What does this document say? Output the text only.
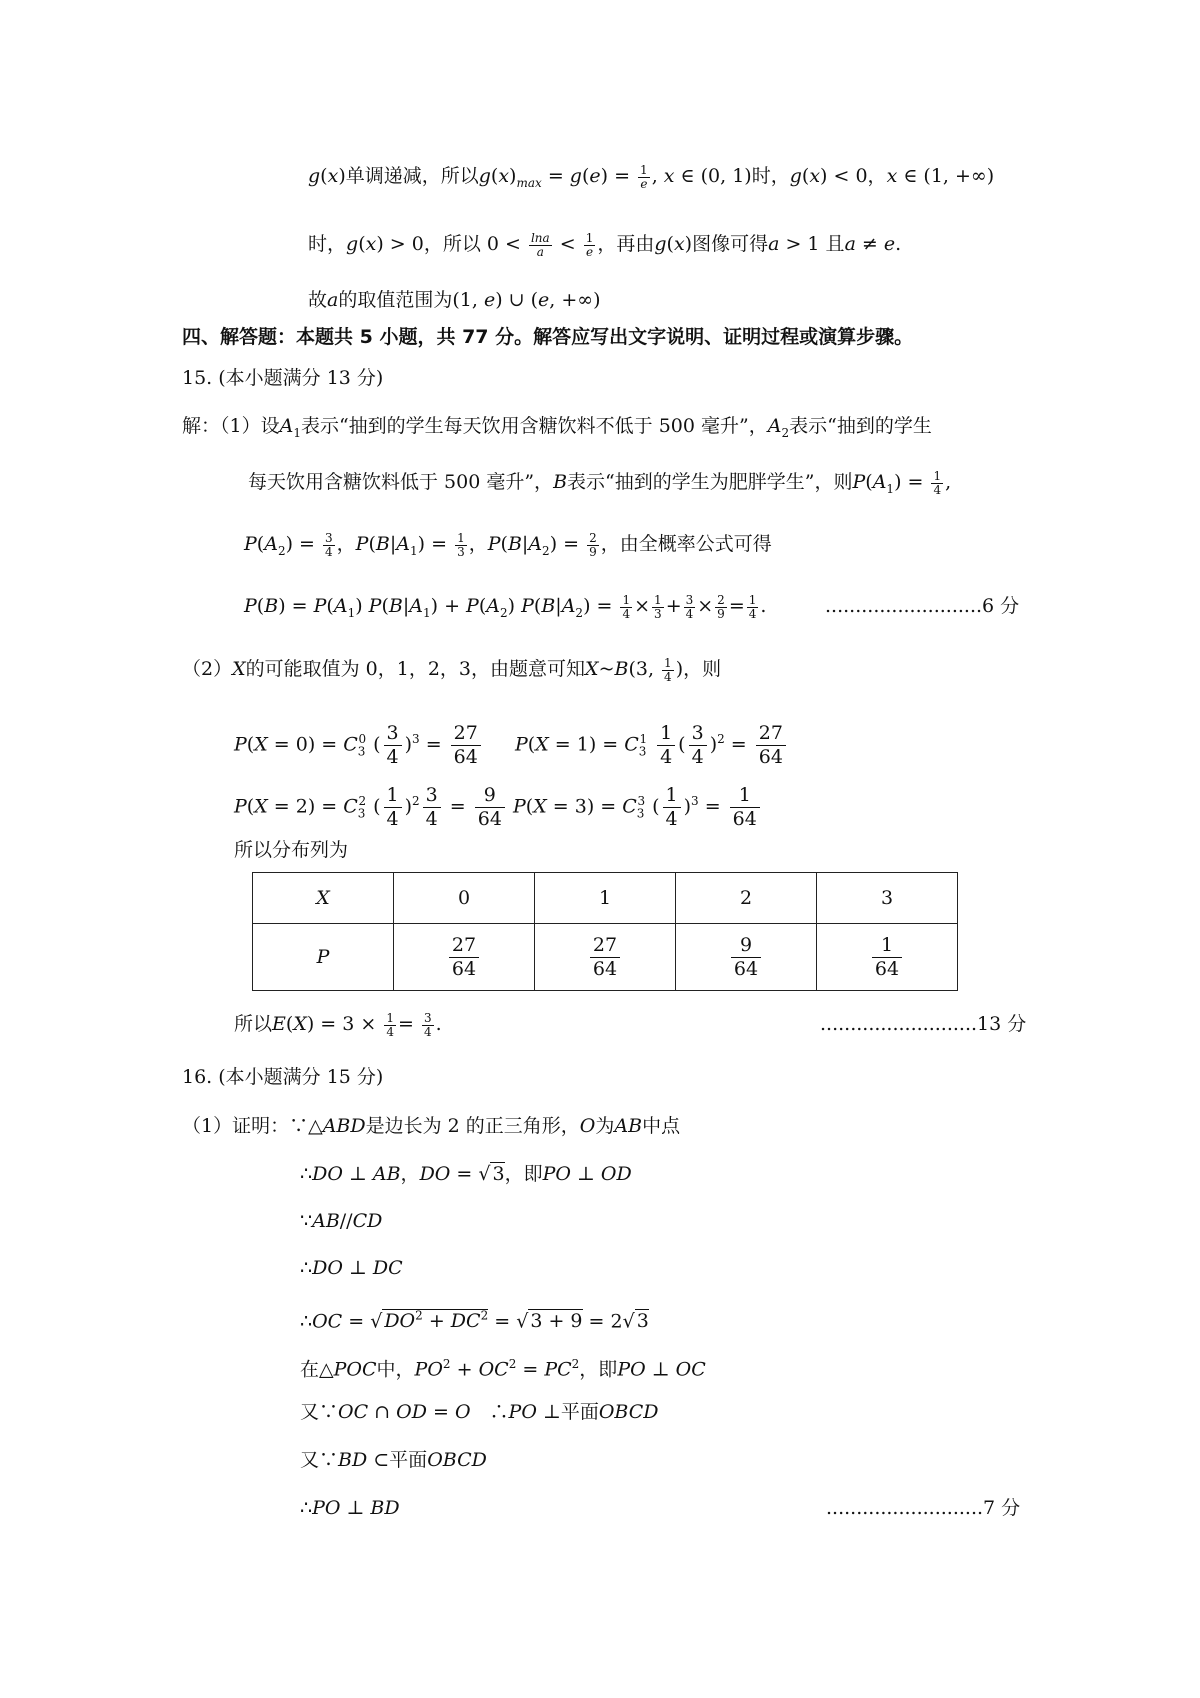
g(x)单调递减，所以$g(x)_{max} = g(e) = \frac{1}{e}$ , x ∈ (0, 1)时，g(x) < 0，x ∈ (1, +∞)
时，g(x) > 0，所以 $0 < \frac{\ln a}{a} < \frac{1}{e}$ ，再由g(x)图像可得a > 1 且a ≠ e.
故a的取值范围为(1, e) ∪ (e, +∞)
四、解答题：本题共 5 小题，共 77 分。解答应写出文字说明、证明过程或演算步骤。
15. (本小题满分 13 分)
解：（1）设$A_1$表示“抽到的学生每天饮用含糖饮料不低于 500 毫升”，$A_2$表示“抽到的学生
每天饮用含糖饮料低于 500 毫升”，B表示“抽到的学生为肥胖学生”，则$P(A_1) = \frac{1}{4}$ ,
$P(A_2) = \frac{3}{4}$ ，$P(B|A_1) = \frac{1}{3}$ ，$P(B|A_2) = \frac{2}{9}$ ，由全概率公式可得
$P(B) = P(A_1) P(B|A_1) + P(A_2) P(B|A_2) = \frac{1}{4} \times \frac{1}{3} + \frac{3}{4} \times \frac{2}{9} = \frac{1}{4}$ .	..........................6 分
（2）X的可能取值为 0，1，2，3，由题意可知X~B(3, $\frac{1}{4}$ )，则
$P(X = 0) = C_3^0$ ( $\frac{3}{4} )^3 = \frac{27}{64} P(X = 1) = C_3^1 \frac{1}{4}$ ( $\frac{3}{4} )^2 = \frac{27}{64}$
$P(X = 2) = C_3^2$ ( $\frac{1}{4} )^2 \frac{3}{4} = \frac{9}{64} P(X = 3) = C_3^3$ ( $\frac{1}{4} )^3 = \frac{1}{64}$
所以分布列为
X	0	1	2	3
P	$\frac{27}{64}$	$\frac{27}{64}$	$\frac{9}{64}$	$\frac{1}{64}$
所以$E(X) = 3 \times \frac{1}{4} = \frac{3}{4}$ .	..........................13 分
16. (本小题满分 15 分)
（1）证明：∵△ABD是边长为 2 的正三角形，O为AB中点
∴DO ⊥ AB，DO = √ 3，即PO ⊥ OD
∵AB//CD
∴DO ⊥ DC
∴OC = √ $DO^2 + DC^2$ = √ 3 + 9 = 2√ 3
在△POC中，$PO^2 + OC^2 = PC^2$，即PO ⊥ OC
又∵OC ∩ OD = O　∴PO ⊥平面OBCD
又∵BD ⊂平面OBCD
∴PO ⊥ BD	..........................7 分
